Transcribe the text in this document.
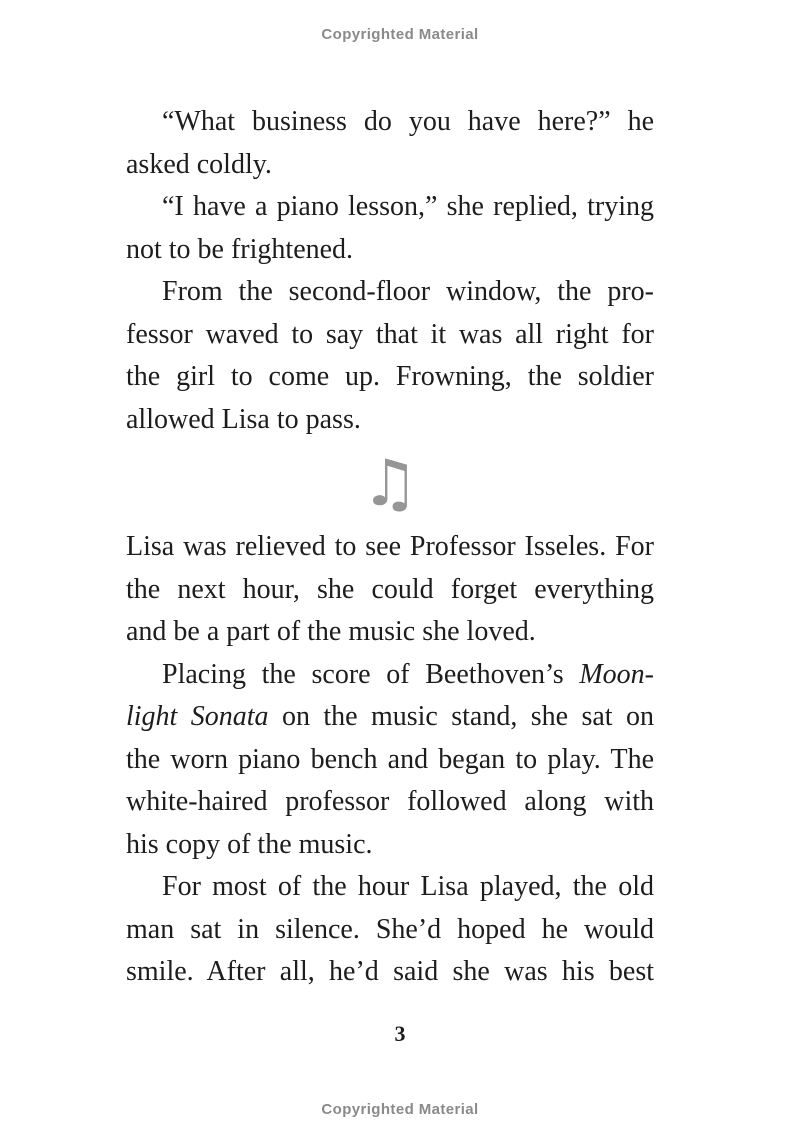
Copyrighted Material
“What business do you have here?” he
asked coldly.
“I have a piano lesson,” she replied, trying
not to be frightened.
From the second-floor window, the pro-
fessor waved to say that it was all right for
the girl to come up. Frowning, the soldier
allowed Lisa to pass.
♫
Lisa was relieved to see Professor Isseles. For
the next hour, she could forget everything
and be a part of the music she loved.
Placing the score of Beethoven’s Moon-
light Sonata on the music stand, she sat on
the worn piano bench and began to play. The
white-haired professor followed along with
his copy of the music.
For most of the hour Lisa played, the old
man sat in silence. She’d hoped he would
smile. After all, he’d said she was his best
3
Copyrighted Material
